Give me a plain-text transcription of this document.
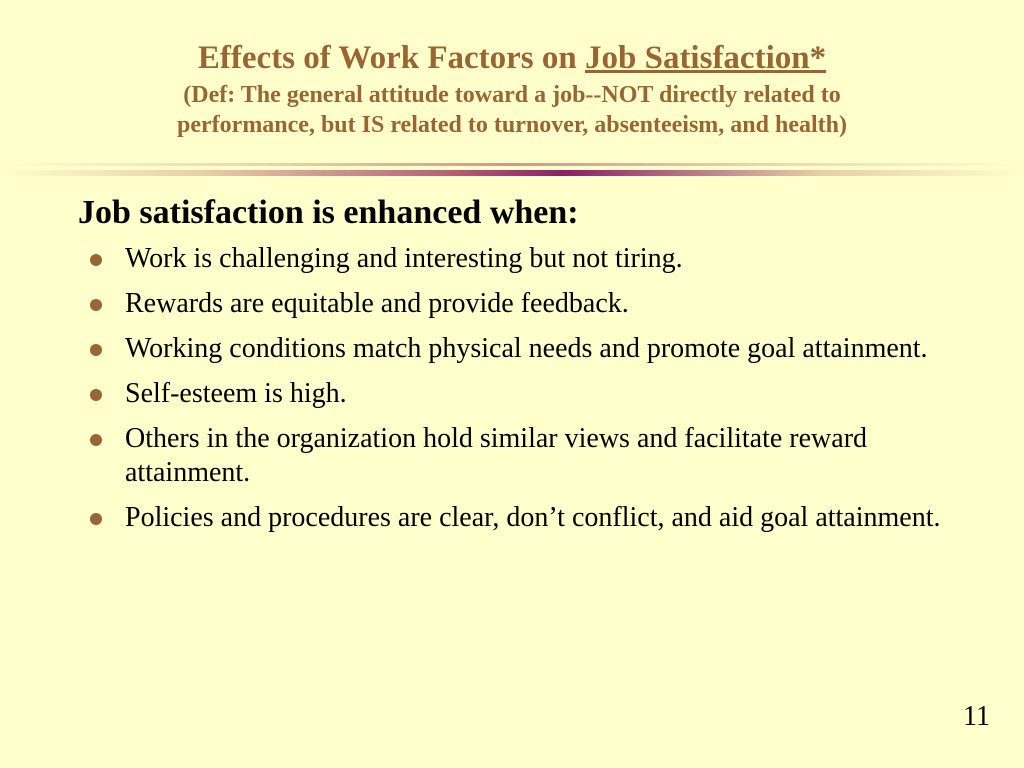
Effects of Work Factors on Job Satisfaction*
(Def: The general attitude toward a job--NOT directly related to
performance, but IS related to turnover, absenteeism, and health)
Job satisfaction is enhanced when:
Work is challenging and interesting but not tiring.
Rewards are equitable and provide feedback.
Working conditions match physical needs and promote goal attainment.
Self-esteem is high.
Others in the organization hold similar views and facilitate reward attainment.
Policies and procedures are clear, don’t conflict, and aid goal attainment.
11
